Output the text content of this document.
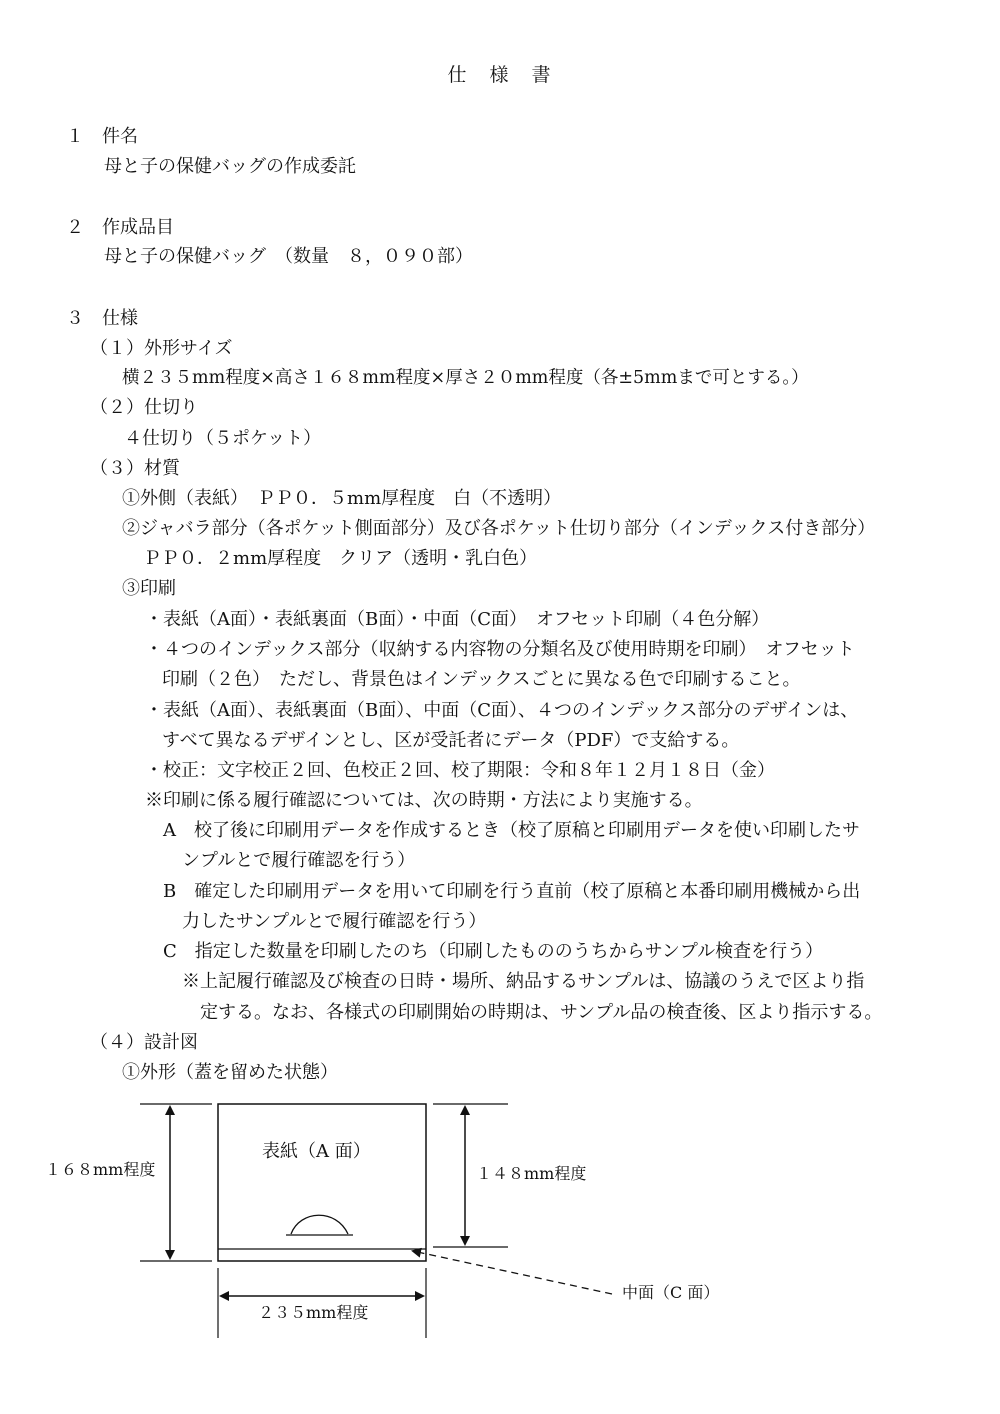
仕　様　書
１　件名
母と子の保健バッグの作成委託
２　作成品目
母と子の保健バッグ　（数量　８，０９０部）
３　仕様
（１）外形サイズ
横２３５mm程度×高さ１６８mm程度×厚さ２０mm程度（各±5mmまで可とする。）
（２）仕切り
４仕切り（５ポケット）
（３）材質
①外側（表紙）　ＰＰ０．５mm厚程度　白（不透明）
②ジャバラ部分（各ポケット側面部分）及び各ポケット仕切り部分（インデックス付き部分）
ＰＰ０．２mm厚程度　クリア（透明・乳白色）
③印刷
・表紙（A面）・表紙裏面（B面）・中面（C面）　オフセット印刷（４色分解）
・４つのインデックス部分（収納する内容物の分類名及び使用時期を印刷）　オフセット
印刷（２色）　ただし、背景色はインデックスごとに異なる色で印刷すること。
・表紙（A面）、表紙裏面（B面）、中面（C面）、４つのインデックス部分のデザインは、
すべて異なるデザインとし、区が受託者にデータ（PDF）で支給する。
・校正：文字校正２回、色校正２回、校了期限：令和８年１２月１８日（金）
※印刷に係る履行確認については、次の時期・方法により実施する。
A　校了後に印刷用データを作成するとき（校了原稿と印刷用データを使い印刷したサ
ンプルとで履行確認を行う）
B　確定した印刷用データを用いて印刷を行う直前（校了原稿と本番印刷用機械から出
力したサンプルとで履行確認を行う）
C　指定した数量を印刷したのち（印刷したもののうちからサンプル検査を行う）
※上記履行確認及び検査の日時・場所、納品するサンプルは、協議のうえで区より指
定する。なお、各様式の印刷開始の時期は、サンプル品の検査後、区より指示する。
（４）設計図
①外形（蓋を留めた状態）
表紙（A 面）
１６８mm程度	１４８mm程度
２３５mm程度
中面（C 面）
